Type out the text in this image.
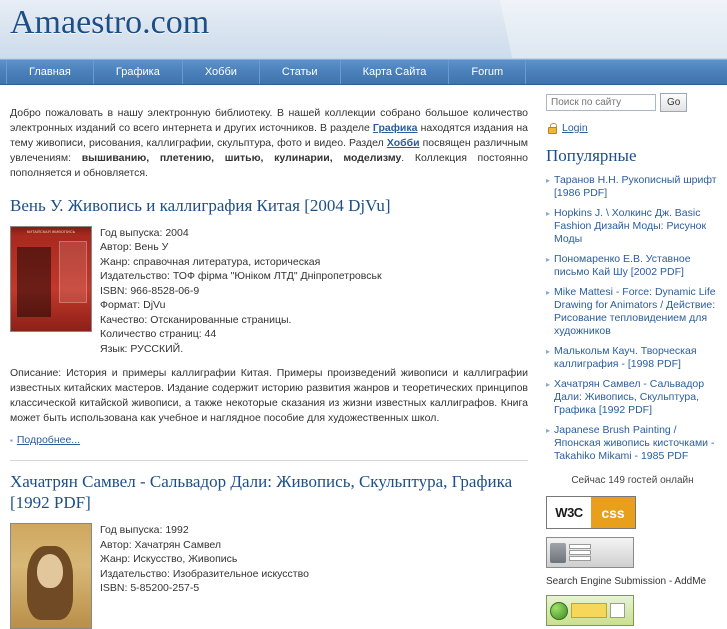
Amaestro.com
Главная	Графика	Хобби	Статьи	Карта Сайта	Forum

Добро пожаловать в нашу электронную библиотеку. В нашей коллекции собрано большое количество электронных изданий со всего интернета и других источников. В разделе Графика находятся издания на тему живописи, рисования, каллиграфии, скульптура, фото и видео. Раздел Хобби посвящен различным увлечениям: вышиванию, плетению, шитью, кулинарии, моделизму. Коллекция постоянно пополняется и обновляется.

Вень У. Живопись и каллиграфия Китая [2004 DjVu]
КИТАЙСКАЯ ЖИВОПИСЬ	Год выпуска: 2004
Автор: Вень У
Жанр: справочная литература, историческая
Издательство: ТОФ фірма "Юніком ЛТД" Дніпропетровськ
ISBN: 966-8528-06-9
Формат: DjVu
Качество: Отсканированные страницы.
Количество страниц: 44
Язык: РУССКИЙ.

Описание: История и примеры каллиграфии Китая. Примеры произведений живописи и каллиграфии известных китайских мастеров. Издание содержит историю развития жанров и теоретических принципов классической китайской живописи, а также некоторые сказания из жизни известных каллиграфов. Книга может быть использована как учебное и наглядное пособие для художественных школ.

▪ Подробнее...
Хачатрян Самвел - Сальвадор Дали: Живопись, Скульптура, Графика [1992 PDF]
Год выпуска: 1992
Автор: Хачатрян Самвел
Жанр: Искусство, Живопись
Издательство: Изобразительное искусство
ISBN: 5-85200-257-5
Поиск по сайту
Go
Login
Популярные
▸ Таранов Н.Н. Рукописный шрифт [1986 PDF]
▸ Hopkins J. \ Холкинс Дж. Basic Fashion Дизайн Моды: Рисунок Моды
▸ Пономаренко Е.В. Уставное письмо Кай Шу [2002 PDF]
▸ Mike Mattesi - Force: Dynamic Life Drawing for Animators / Действие: Рисование тепловидением для художников
▸ Малькольм Кауч. Творческая каллиграфия - [1998 PDF]
▸ Хачатрян Самвел - Сальвадор Дали: Живопись, Скульптура, Графика [1992 PDF]
▸ Japanese Brush Painting / Японская живопись кисточками - Takahiko Mikami - 1985 PDF
Сейчас 149 гостей онлайн
W3C	css
Search Engine Submission - AddMe
